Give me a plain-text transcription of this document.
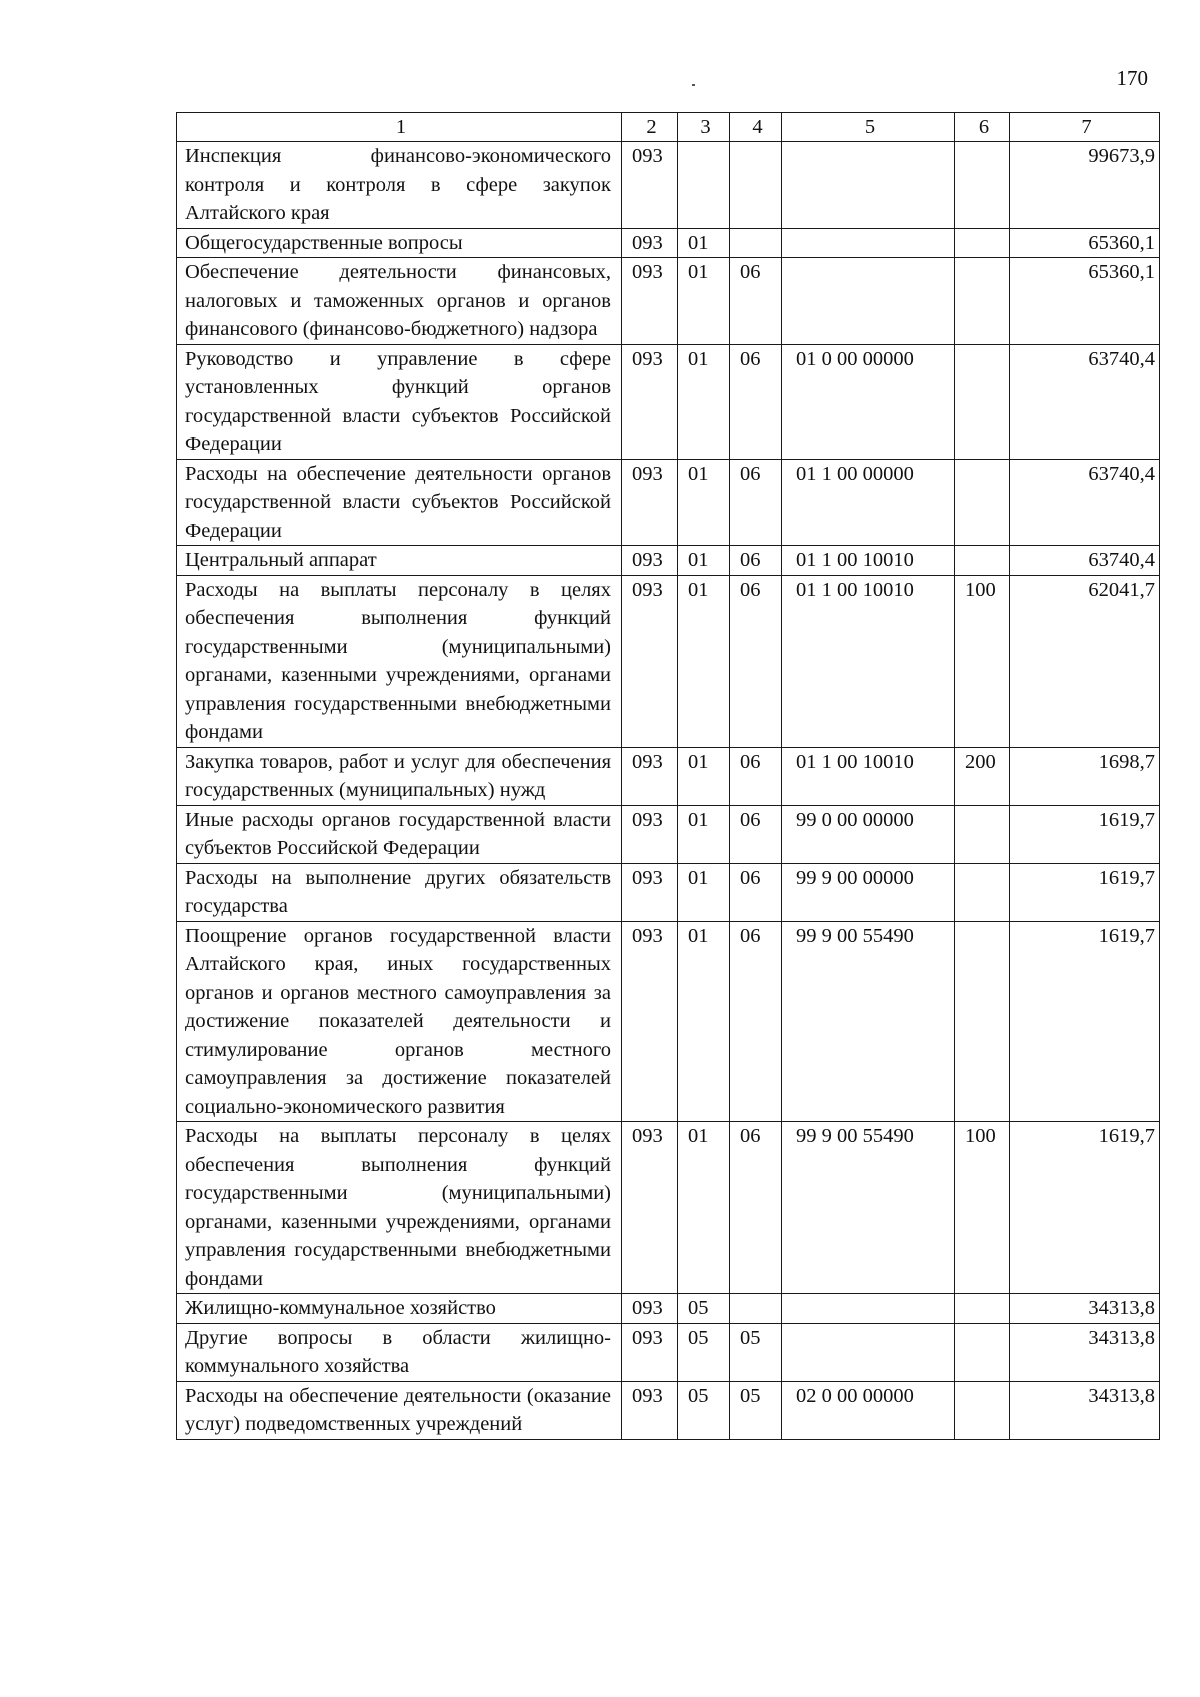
170
1	2	3	4	5	6	7
Инспекция финансово-экономического контроля и контроля в сфере закупок Алтайского края	093					99673,9
Общегосударственные вопросы	093	01				65360,1
Обеспечение деятельности финансовых, налоговых и таможенных органов и органов финансового (финансово-бюджетного) надзора	093	01	06			65360,1
Руководство и управление в сфере установленных функций органов государственной власти субъектов Российской Федерации	093	01	06	01 0 00 00000		63740,4
Расходы на обеспечение деятельности органов государственной власти субъектов Российской Федерации	093	01	06	01 1 00 00000		63740,4
Центральный аппарат	093	01	06	01 1 00 10010		63740,4
Расходы на выплаты персоналу в целях обеспечения выполнения функций государственными (муниципальными) органами, казенными учреждениями, органами управления государственными внебюджетными фондами	093	01	06	01 1 00 10010	100	62041,7
Закупка товаров, работ и услуг для обеспечения государственных (муниципальных) нужд	093	01	06	01 1 00 10010	200	1698,7
Иные расходы органов государственной власти субъектов Российской Федерации	093	01	06	99 0 00 00000		1619,7
Расходы на выполнение других обязательств государства	093	01	06	99 9 00 00000		1619,7
Поощрение органов государственной власти Алтайского края, иных государственных органов и органов местного самоуправления за достижение показателей деятельности и стимулирование органов местного самоуправления за достижение показателей социально-экономического развития	093	01	06	99 9 00 55490		1619,7
Расходы на выплаты персоналу в целях обеспечения выполнения функций государственными (муниципальными) органами, казенными учреждениями, органами управления государственными внебюджетными фондами	093	01	06	99 9 00 55490	100	1619,7
Жилищно-коммунальное хозяйство	093	05				34313,8
Другие вопросы в области жилищно-коммунального хозяйства	093	05	05			34313,8
Расходы на обеспечение деятельности (оказание услуг) подведомственных учреждений	093	05	05	02 0 00 00000		34313,8
